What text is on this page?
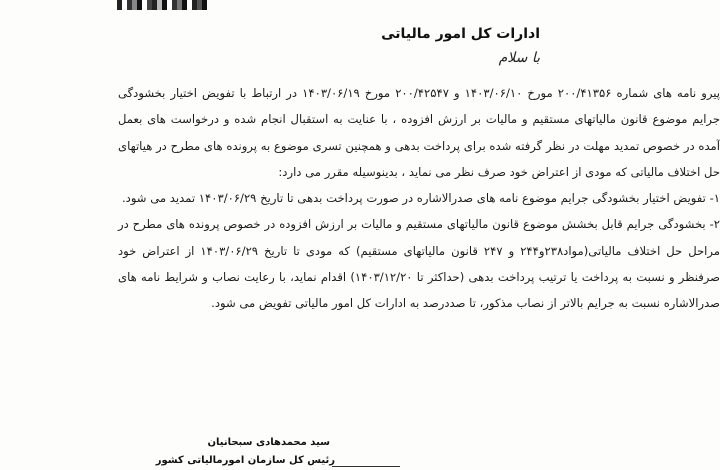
ادارات کل امور مالیاتی
با سلام

پیرو نامه های شماره ۲۰۰/۴۱۳۵۶ مورخ ۱۴۰۳/۰۶/۱۰ و ۲۰۰/۴۲۵۴۷ مورخ ۱۴۰۳/۰۶/۱۹ در ارتباط با تفویض اختیار بخشودگی جرایم موضوع قانون مالیاتهای مستقیم و مالیات بر ارزش افزوده ، با عنایت به استقبال انجام شده و درخواست های بعمل آمده در خصوص تمدید مهلت در نظر گرفته شده برای پرداخت بدهی و همچنین تسری موضوع به پرونده های مطرح در هیاتهای حل اختلاف مالیاتی که مودی از اعتراض خود صرف نظر می نماید ، بدینوسیله مقرر می دارد:

۱- تفویض اختیار بخشودگی جرایم موضوع نامه های صدرالاشاره در صورت پرداخت بدهی تا تاریخ ۱۴۰۳/۰۶/۲۹ تمدید می شود.

۲- بخشودگی جرایم قابل بخشش موضوع قانون مالیاتهای مستقیم و مالیات بر ارزش افزوده در خصوص پرونده های مطرح در مراحل حل اختلاف مالیاتی(مواد۲۳۸و۲۴۴ و ۲۴۷ قانون مالیاتهای مستقیم) که مودی تا تاریخ ۱۴۰۳/۰۶/۲۹ از اعتراض خود صرفنظر و نسبت به پرداخت یا ترتیب پرداخت بدهی (حداکثر تا ۱۴۰۳/۱۲/۲۰) اقدام نماید، با رعایت نصاب و شرایط نامه های صدرالاشاره نسبت به جرایم بالاتر از نصاب مذکور، تا صددرصد به ادارات کل امور مالیاتی تفویض می شود.

سید محمدهادی سبحانیان
رئیس کل سازمان امورمالیاتی کشور
